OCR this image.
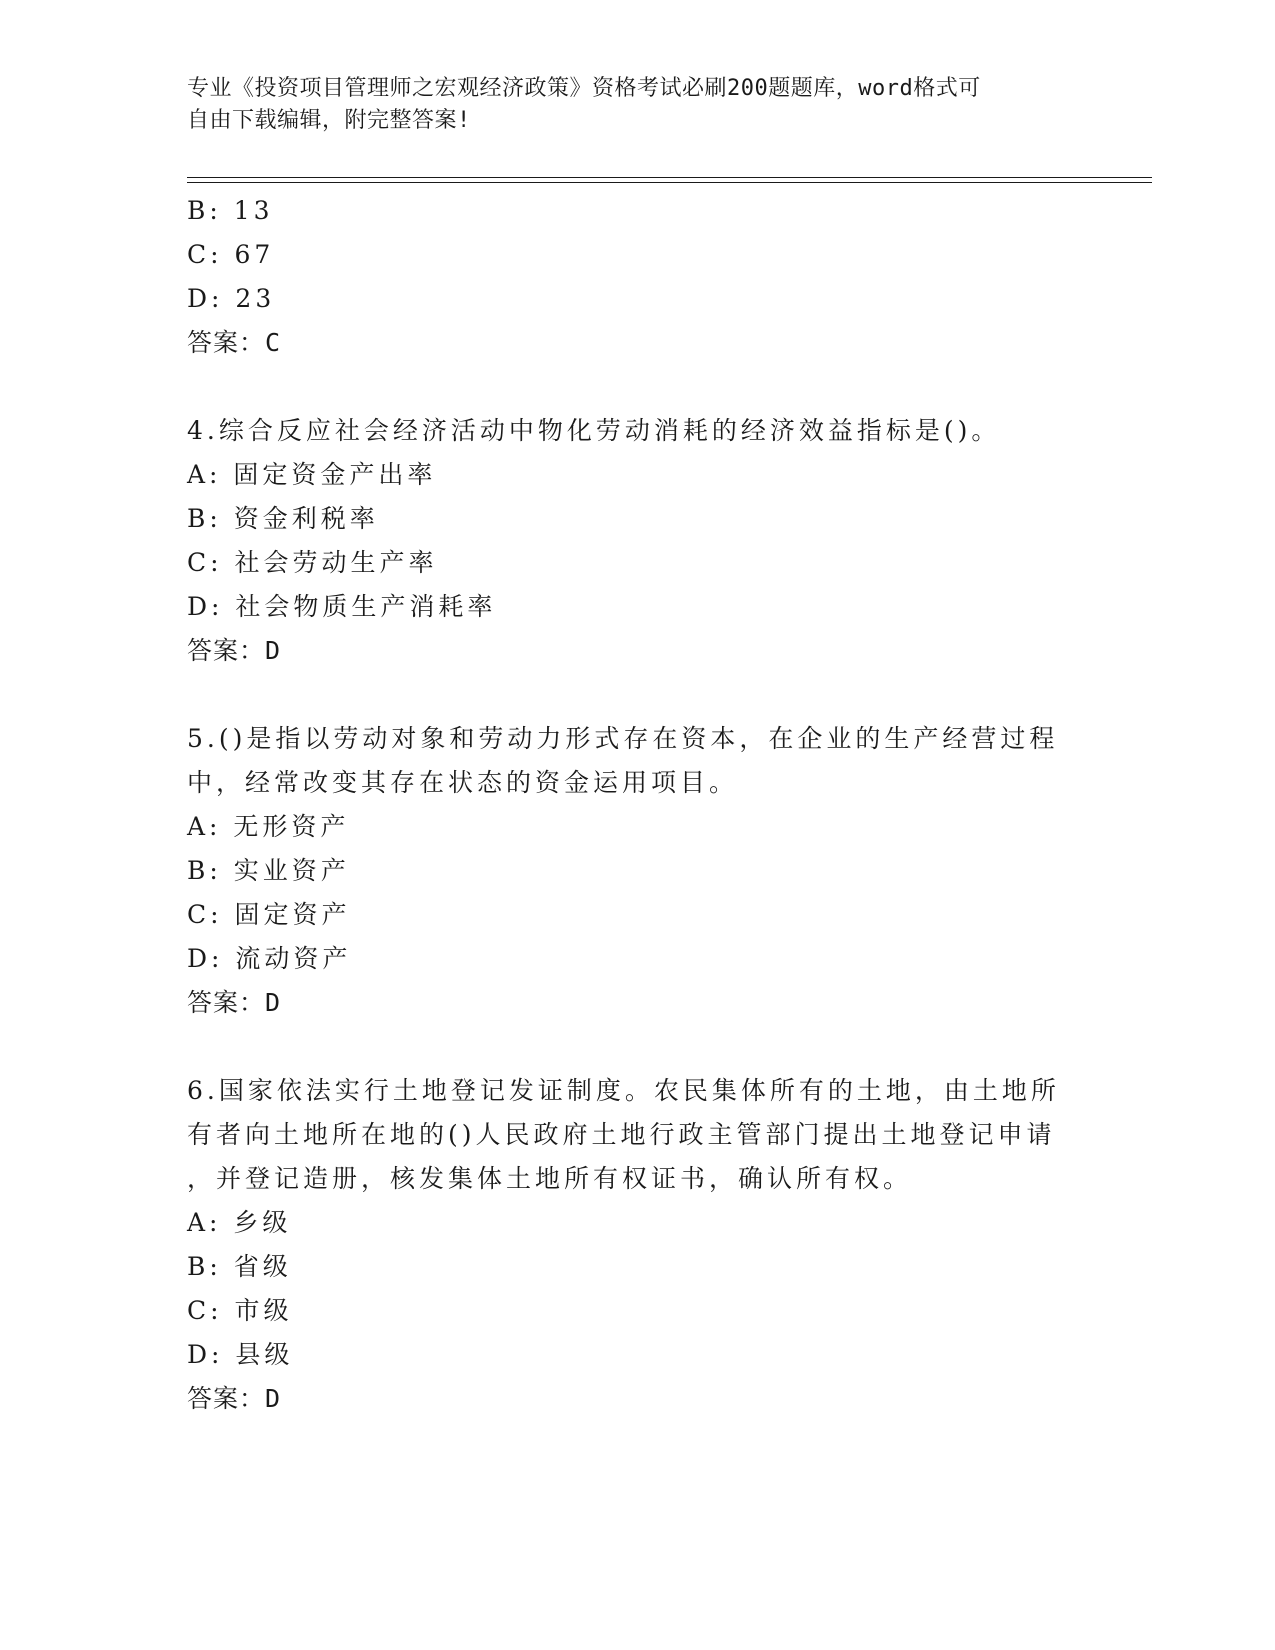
专业《投资项目管理师之宏观经济政策》资格考试必刷200题题库，word格式可
自由下载编辑，附完整答案!
B: 13
C: 67
D: 23
答案：C
4.综合反应社会经济活动中物化劳动消耗的经济效益指标是()。
A: 固定资金产出率
B: 资金利税率
C: 社会劳动生产率
D: 社会物质生产消耗率
答案：D
5.()是指以劳动对象和劳动力形式存在资本，在企业的生产经营过程
中，经常改变其存在状态的资金运用项目。
A: 无形资产
B: 实业资产
C: 固定资产
D: 流动资产
答案：D
6.国家依法实行土地登记发证制度。农民集体所有的土地，由土地所
有者向土地所在地的()人民政府土地行政主管部门提出土地登记申请
，并登记造册，核发集体土地所有权证书，确认所有权。
A: 乡级
B: 省级
C: 市级
D: 县级
答案：D
